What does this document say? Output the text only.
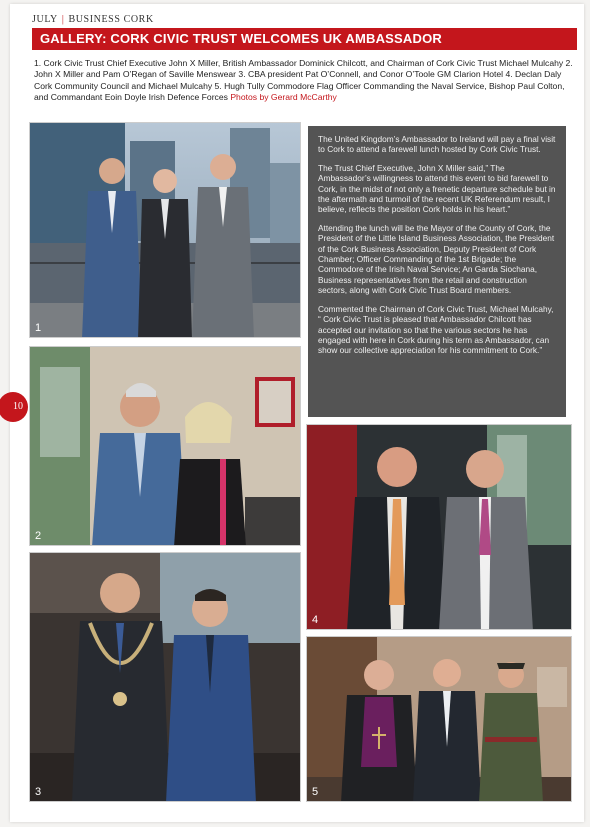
JULY | BUSINESS CORK
GALLERY: CORK CIVIC TRUST WELCOMES UK AMBASSADOR
1. Cork Civic Trust Chief Executive John X Miller, British Ambassador Dominick Chilcott, and Chairman of Cork Civic Trust Michael Mulcahy 2. John X Miller and Pam O’Regan of Saville Menswear 3. CBA president Pat O’Connell, and Conor O’Toole GM Clarion Hotel 4. Declan Daly Cork Community Council and Michael Mulcahy 5. Hugh Tully Commodore Flag Officer Commanding the Naval Service, Bishop Paul Colton, and Commandant Eoin Doyle Irish Defence Forces Photos by Gerard McCarthy
1
2
3

The United Kingdom’s Ambassador to Ireland will pay a final visit to Cork to attend a farewell lunch hosted by Cork Civic Trust.

The Trust Chief Executive, John X Miller said,” The Ambassador’s willingness to attend this event to bid farewell to Cork, in the midst of not only a frenetic departure schedule but in the aftermath and turmoil of the recent UK Referendum result, I believe, reflects the position Cork holds in his heart.”

Attending the lunch will be the Mayor of the County of Cork, the President of the Little Island Business Association, the President of the Cork Business Association, Deputy President of Cork Chamber; Officer Commanding of the 1st Brigade; the Commodore of the Irish Naval Service; An Garda Siochana, Business representatives from the retail and construction sectors, along with Cork Civic Trust Board members.

Commented the Chairman of Cork Civic Trust, Michael Mulcahy, “ Cork Civic Trust is pleased that Ambassador Chilcott has accepted our invitation so that the various sectors he has engaged with here in Cork during his term as Ambassador, can show our collective appreciation for his commitment to Cork.”

4
5
10
